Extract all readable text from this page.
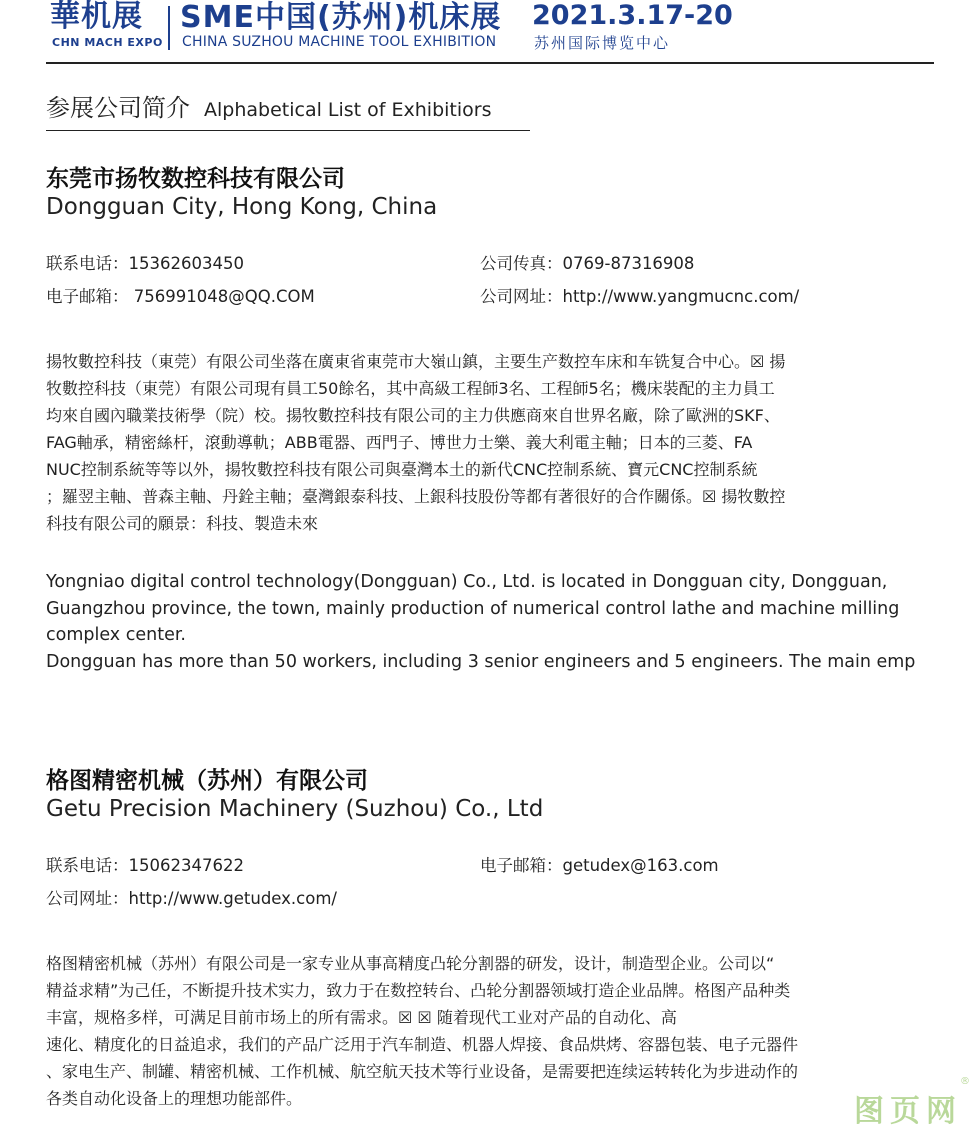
華机展
CHN MACH EXPO
SME中国(苏州)机床展
CHINA SUZHOU MACHINE TOOL EXHIBITION
2021.3.17-20
苏州国际博览中心
参展公司简介 Alphabetical List of Exhibitiors
东莞市扬牧数控科技有限公司
Dongguan City, Hong Kong, China
联系电话：15362603450	公司传真：0769-87316908
电子邮箱： 756991048@QQ.COM	公司网址：http://www.yangmucnc.com/
揚牧數控科技（東莞）有限公司坐落在廣東省東莞市大嶺山鎮，主要生产数控车床和车铣复合中心。☒ 揚
牧數控科技（東莞）有限公司現有員工50餘名，其中高級工程師3名、工程師5名；機床裝配的主力員工
均來自國內職業技術學（院）校。揚牧數控科技有限公司的主力供應商來自世界名廠，除了歐洲的SKF、
FAG軸承，精密絲杆，滾動導軌；ABB電器、西門子、博世力士樂、義大利電主軸；日本的三菱、FA
NUC控制系統等等以外，揚牧數控科技有限公司與臺灣本土的新代CNC控制系統、寶元CNC控制系統
；羅翌主軸、普森主軸、丹銓主軸；臺灣銀泰科技、上銀科技股份等都有著很好的合作關係。☒ 揚牧數控
科技有限公司的願景：科技、製造未來
Yongniao digital control technology(Dongguan) Co., Ltd. is located in Dongguan city, Dongguan,
Guangzhou province, the town, mainly production of numerical control lathe and machine milling
complex center.
Dongguan has more than 50 workers, including 3 senior engineers and 5 engineers. The main emp
格图精密机械（苏州）有限公司
Getu Precision Machinery (Suzhou) Co., Ltd
联系电话：15062347622	电子邮箱：getudex@163.com
公司网址：http://www.getudex.com/
格图精密机械（苏州）有限公司是一家专业从事高精度凸轮分割器的研发，设计，制造型企业。公司以“
精益求精”为己任，不断提升技术实力，致力于在数控转台、凸轮分割器领域打造企业品牌。格图产品种类
丰富，规格多样，可满足目前市场上的所有需求。☒ ☒ 随着现代工业对产品的自动化、高
速化、精度化的日益追求，我们的产品广泛用于汽车制造、机器人焊接、食品烘烤、容器包装、电子元器件
、家电生产、制罐、精密机械、工作机械、航空航天技术等行业设备，是需要把连续运转转化为步进动作的
各类自动化设备上的理想功能部件。	图页网
®
